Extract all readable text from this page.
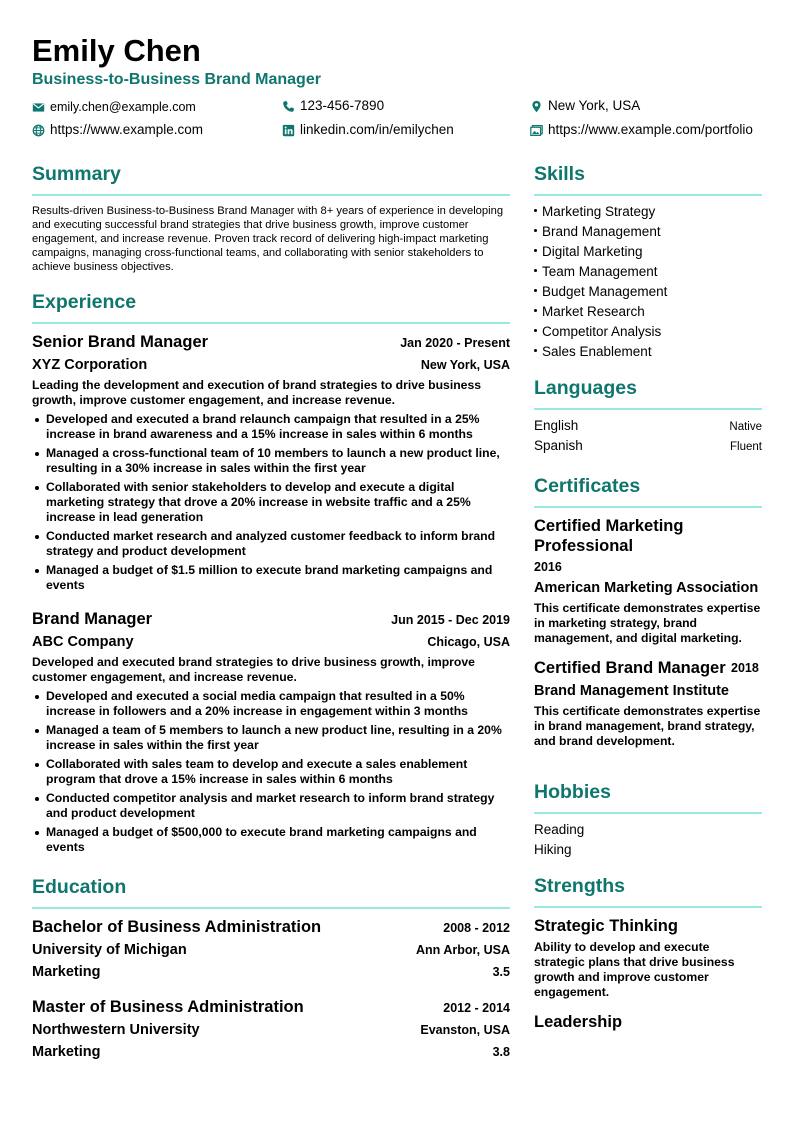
Emily Chen
Business-to-Business Brand Manager
emily.chen@example.com	123-456-7890	New York, USA
https://www.example.com	linkedin.com/in/emilychen	https://www.example.com/portfolio
Summary
Results-driven Business-to-Business Brand Manager with 8+ years of experience in developing and executing successful brand strategies that drive business growth, improve customer engagement, and increase revenue. Proven track record of delivering high-impact marketing campaigns, managing cross-functional teams, and collaborating with senior stakeholders to achieve business objectives.
Experience
Senior Brand Manager	Jan 2020 - Present
XYZ Corporation	New York, USA
Leading the development and execution of brand strategies to drive business growth, improve customer engagement, and increase revenue.
Developed and executed a brand relaunch campaign that resulted in a 25% increase in brand awareness and a 15% increase in sales within 6 months
Managed a cross-functional team of 10 members to launch a new product line, resulting in a 30% increase in sales within the first year
Collaborated with senior stakeholders to develop and execute a digital marketing strategy that drove a 20% increase in website traffic and a 25% increase in lead generation
Conducted market research and analyzed customer feedback to inform brand strategy and product development
Managed a budget of $1.5 million to execute brand marketing campaigns and events
Brand Manager	Jun 2015 - Dec 2019
ABC Company	Chicago, USA
Developed and executed brand strategies to drive business growth, improve customer engagement, and increase revenue.
Developed and executed a social media campaign that resulted in a 50% increase in followers and a 20% increase in engagement within 3 months
Managed a team of 5 members to launch a new product line, resulting in a 20% increase in sales within the first year
Collaborated with sales team to develop and execute a sales enablement program that drove a 15% increase in sales within 6 months
Conducted competitor analysis and market research to inform brand strategy and product development
Managed a budget of $500,000 to execute brand marketing campaigns and events
Education
Bachelor of Business Administration	2008 - 2012
University of Michigan	Ann Arbor, USA
Marketing	3.5
Master of Business Administration	2012 - 2014
Northwestern University	Evanston, USA
Marketing	3.8
Skills
Marketing Strategy
Brand Management
Digital Marketing
Team Management
Budget Management
Market Research
Competitor Analysis
Sales Enablement
Languages
English	Native
Spanish	Fluent
Certificates
Certified Marketing Professional
2016
American Marketing Association
This certificate demonstrates expertise in marketing strategy, brand management, and digital marketing.
Certified Brand Manager 2018
Brand Management Institute
This certificate demonstrates expertise in brand management, brand strategy, and brand development.
Hobbies
Reading
Hiking
Strengths
Strategic Thinking
Ability to develop and execute strategic plans that drive business growth and improve customer engagement.
Leadership
